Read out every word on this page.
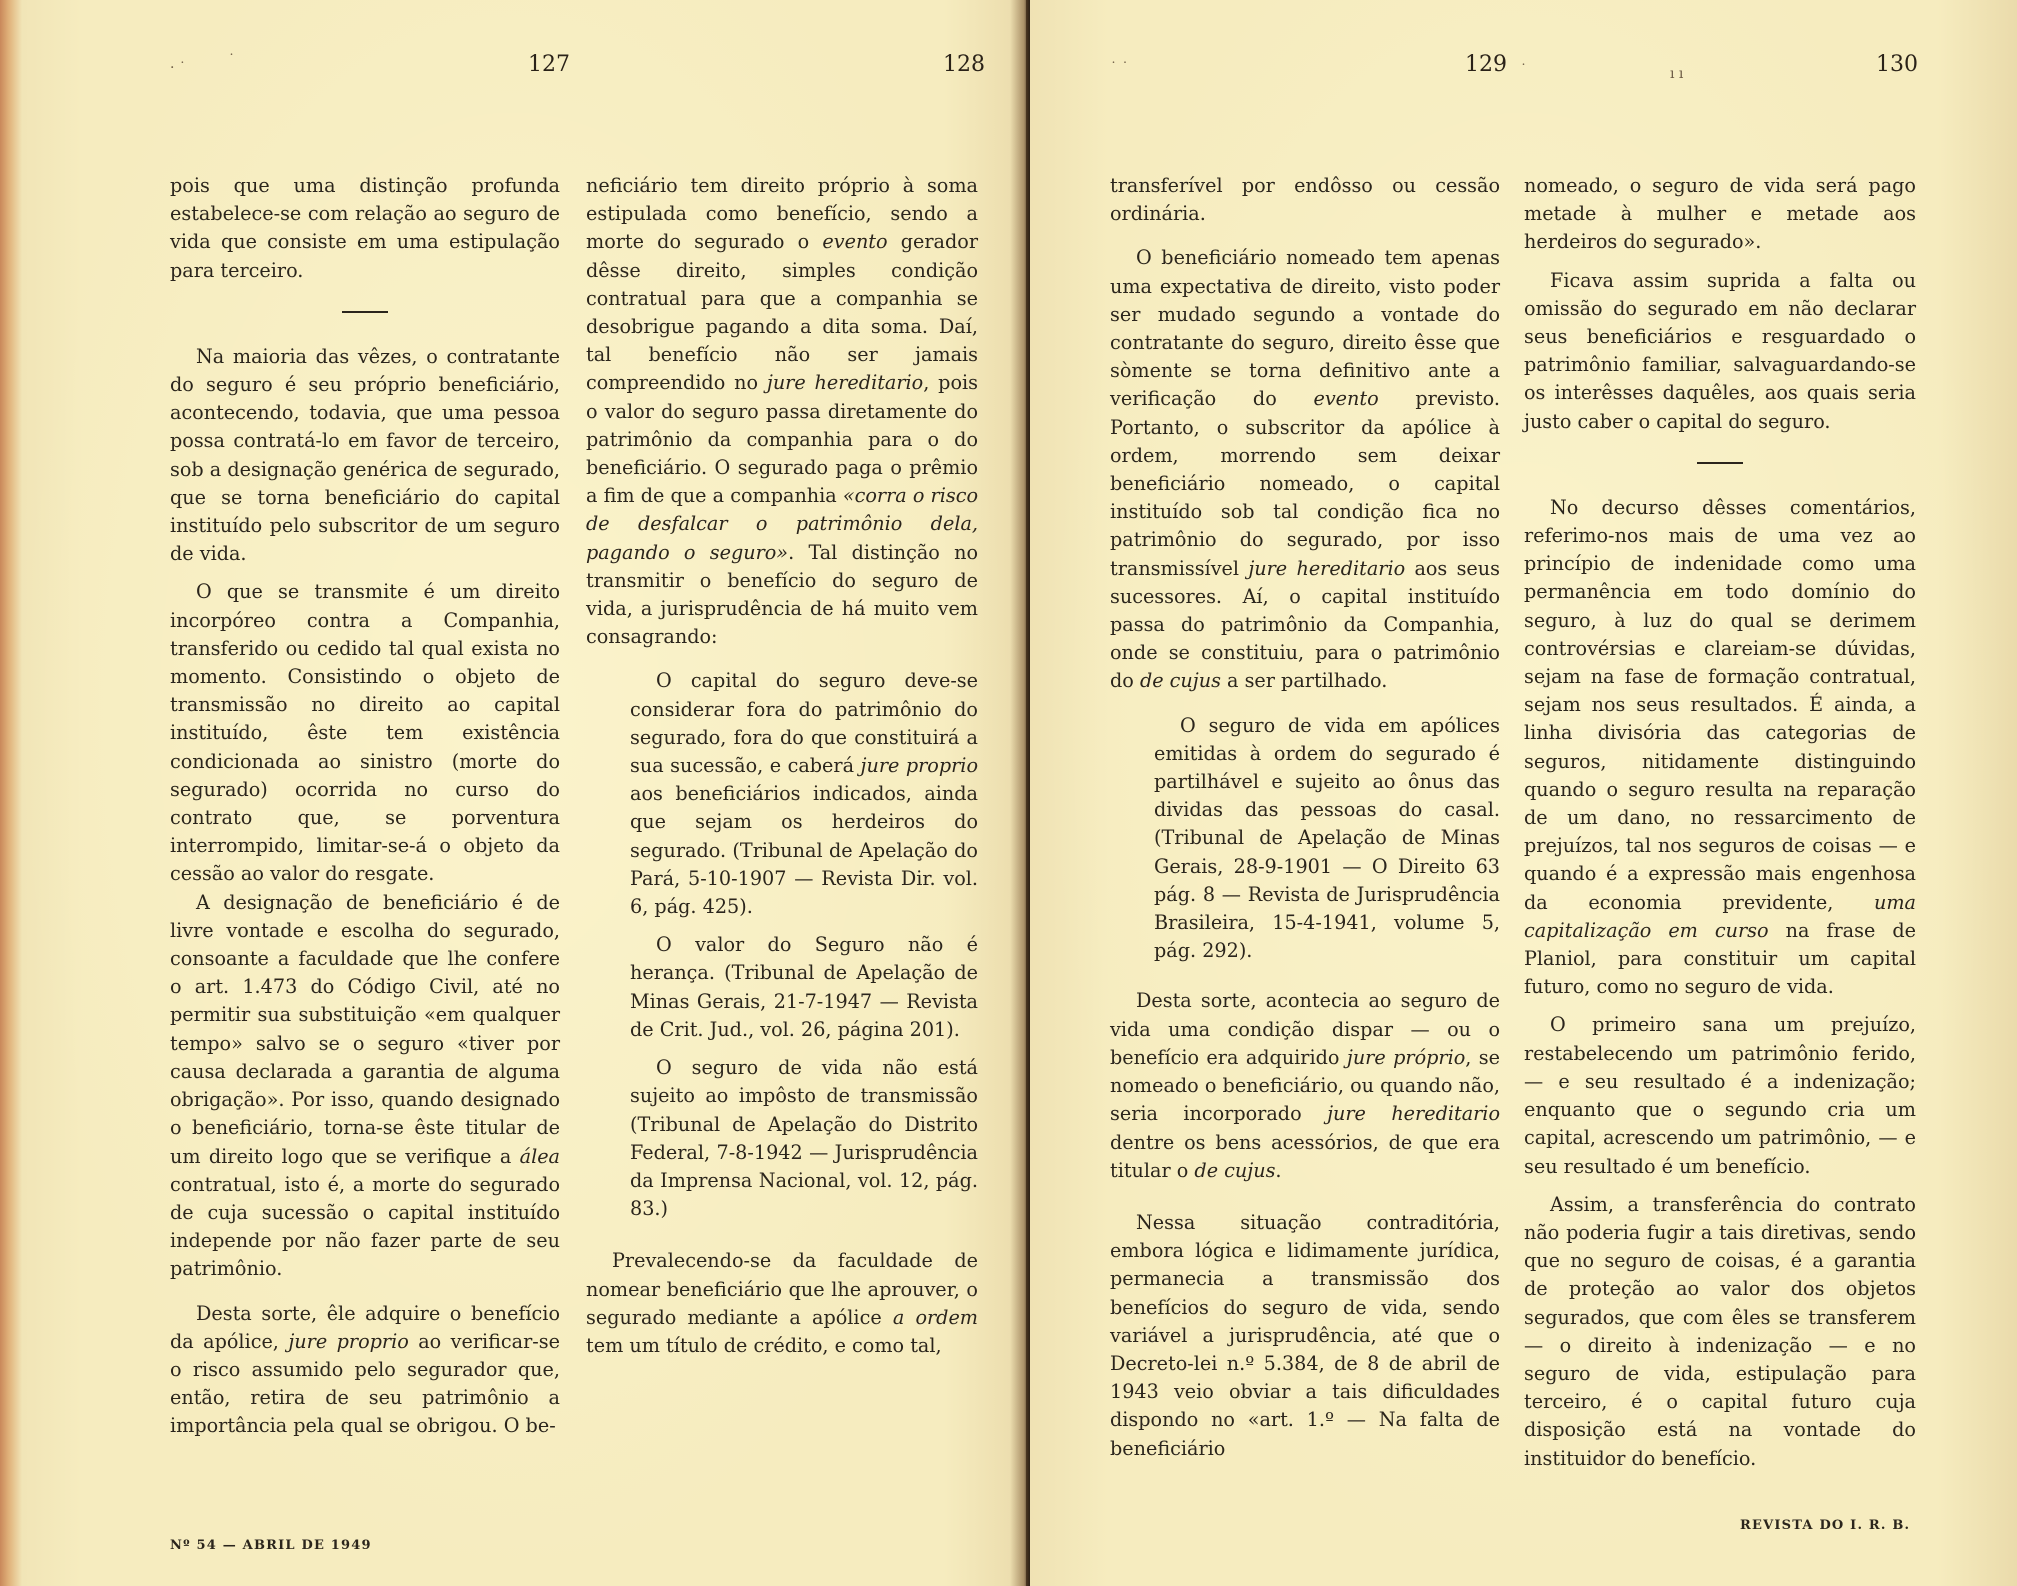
· ˙	˙	127	128

pois que uma distinção profunda estabelece-se com relação ao seguro de vida que consiste em uma estipulação para terceiro.

Na maioria das vêzes, o contratante do seguro é seu próprio beneficiário, acontecendo, todavia, que uma pessoa possa contratá-lo em favor de terceiro, sob a designação genérica de segurado, que se torna beneficiário do capital instituído pelo subscritor de um seguro de vida.

O que se transmite é um direito incorpóreo contra a Companhia, transferido ou cedido tal qual exista no momento. Consistindo o objeto de transmissão no direito ao capital instituído, êste tem existência condicionada ao sinistro (morte do segurado) ocorrida no curso do contrato que, se porventura interrompido, limitar-se-á o objeto da cessão ao valor do resgate.

A designação de beneficiário é de livre vontade e escolha do segurado, consoante a faculdade que lhe confere o art. 1.473 do Código Civil, até no permitir sua substituição «em qualquer tempo» salvo se o seguro «tiver por causa declarada a garantia de alguma obrigação». Por isso, quando designado o beneficiário, torna-se êste titular de um direito logo que se verifique a álea contratual, isto é, a morte do segurado de cuja sucessão o capital instituído independe por não fazer parte de seu patrimônio.

Desta sorte, êle adquire o benefício da apólice, jure proprio ao verificar-se o risco assumido pelo segurador que, então, retira de seu patrimônio a importância pela qual se obrigou. O be-

neficiário tem direito próprio à soma estipulada como benefício, sendo a morte do segurado o evento gerador dêsse direito, simples condição contratual para que a companhia se desobrigue pagando a dita soma. Daí, tal benefício não ser jamais compreendido no jure hereditario, pois o valor do seguro passa diretamente do patrimônio da companhia para o do beneficiário. O segurado paga o prêmio a fim de que a companhia «corra o risco de desfalcar o patrimônio dela, pagando o seguro». Tal distinção no transmitir o benefício do seguro de vida, a jurisprudência de há muito vem consagrando:

O capital do seguro deve-se considerar fora do patrimônio do segurado, fora do que constituirá a sua sucessão, e caberá jure proprio aos beneficiários indicados, ainda que sejam os herdeiros do segurado. (Tribunal de Apelação do Pará, 5-10-1907 — Revista Dir. vol. 6, pág. 425).

O valor do Seguro não é herança. (Tribunal de Apelação de Minas Gerais, 21-7-1947 — Revista de Crit. Jud., vol. 26, página 201).

O seguro de vida não está sujeito ao impôsto de transmissão (Tribunal de Apelação do Distrito Federal, 7-8-1942 — Jurisprudência da Imprensa Nacional, vol. 12, pág. 83.)

Prevalecendo-se da faculdade de nomear beneficiário que lhe aprouver, o segurado mediante a apólice a ordem tem um título de crédito, e como tal,

Nº 54 — ABRIL DE 1949
˙ ˙	˙	ı ı
129	130

transferível por endôsso ou cessão ordinária.

O beneficiário nomeado tem apenas uma expectativa de direito, visto poder ser mudado segundo a vontade do contratante do seguro, direito êsse que sòmente se torna definitivo ante a verificação do evento previsto. Portanto, o subscritor da apólice à ordem, morrendo sem deixar beneficiário nomeado, o capital instituído sob tal condição fica no patrimônio do segurado, por isso transmissível jure hereditario aos seus sucessores. Aí, o capital instituído passa do patrimônio da Companhia, onde se constituiu, para o patrimônio do de cujus a ser partilhado.

O seguro de vida em apólices emitidas à ordem do segurado é partilhável e sujeito ao ônus das dividas das pessoas do casal. (Tribunal de Apelação de Minas Gerais, 28-9-1901 — O Direito 63 pág. 8 — Revista de Jurisprudência Brasileira, 15-4-1941, volume 5, pág. 292).

Desta sorte, acontecia ao seguro de vida uma condição dispar — ou o benefício era adquirido jure próprio, se nomeado o beneficiário, ou quando não, seria incorporado jure hereditario dentre os bens acessórios, de que era titular o de cujus.

Nessa situação contraditória, embora lógica e lidimamente jurídica, permanecia a transmissão dos benefícios do seguro de vida, sendo variável a jurisprudência, até que o Decreto-lei n.º 5.384, de 8 de abril de 1943 veio obviar a tais dificuldades dispondo no «art. 1.º — Na falta de beneficiário

nomeado, o seguro de vida será pago metade à mulher e metade aos herdeiros do segurado».

Ficava assim suprida a falta ou omissão do segurado em não declarar seus beneficiários e resguardado o patrimônio familiar, salvaguardando-se os interêsses daquêles, aos quais seria justo caber o capital do seguro.

No decurso dêsses comentários, referimo-nos mais de uma vez ao princípio de indenidade como uma permanência em todo domínio do seguro, à luz do qual se derimem controvérsias e clareiam-se dúvidas, sejam na fase de formação contratual, sejam nos seus resultados. É ainda, a linha divisória das categorias de seguros, nitidamente distinguindo quando o seguro resulta na reparação de um dano, no ressarcimento de prejuízos, tal nos seguros de coisas — e quando é a expressão mais engenhosa da economia previdente, uma capitalização em curso na frase de Planiol, para constituir um capital futuro, como no seguro de vida.

O primeiro sana um prejuízo, restabelecendo um patrimônio ferido, — e seu resultado é a indenização; enquanto que o segundo cria um capital, acrescendo um patrimônio, — e seu resultado é um benefício.

Assim, a transferência do contrato não poderia fugir a tais diretivas, sendo que no seguro de coisas, é a garantia de proteção ao valor dos objetos segurados, que com êles se transferem — o direito à indenização — e no seguro de vida, estipulação para terceiro, é o capital futuro cuja disposição está na vontade do instituidor do benefício.

REVISTA DO I. R. B.
